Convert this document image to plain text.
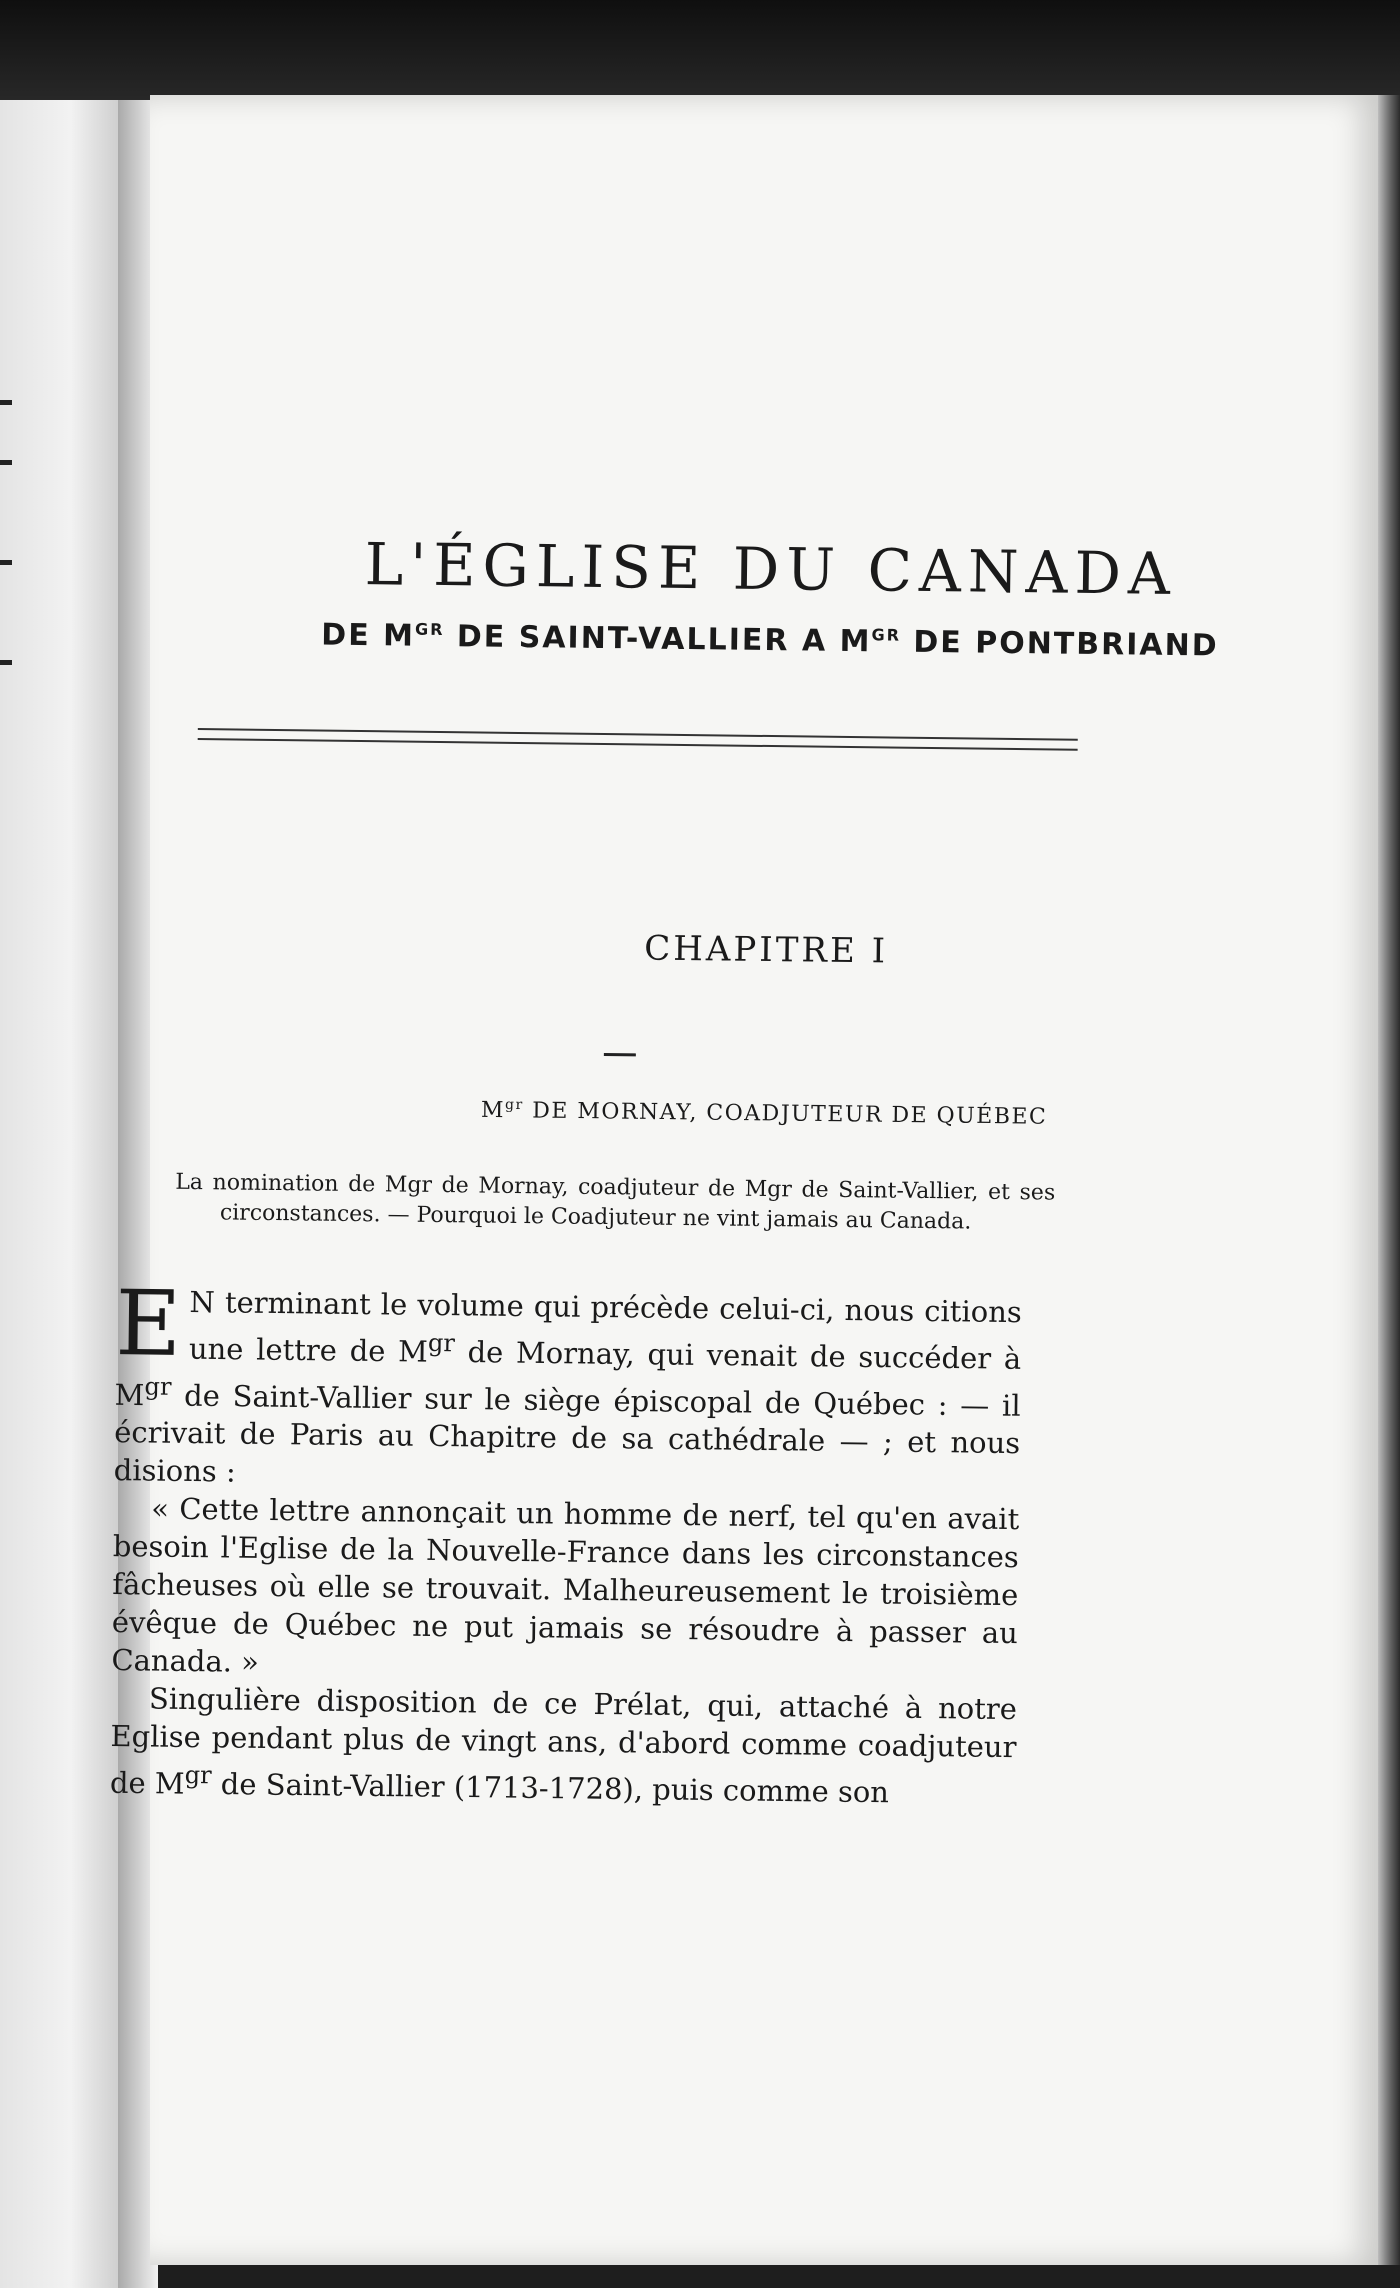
L'ÉGLISE DU CANADA
DE $M^{GR}$ DE SAINT-VALLIER A $M^{GR}$ DE PONTBRIAND
CHAPITRE I
$M^{gr}$ DE MORNAY, COADJUTEUR DE QUÉBEC
La nomination de Mgr de Mornay, coadjuteur de Mgr de Saint-Vallier, et ses circonstances. — Pourquoi le Coadjuteur ne vint jamais au Canada.

E N terminant le volume qui précède celui-ci, nous citions une lettre de $M^{gr}$ de Mornay, qui venait de succéder à $M^{gr}$ de Saint-Vallier sur le siège épiscopal de Québec : — il écrivait de Paris au Chapitre de sa cathédrale — ; et nous disions :

« Cette lettre annonçait un homme de nerf, tel qu'en avait besoin l'Eglise de la Nouvelle-France dans les circonstances fâcheuses où elle se trouvait. Malheureusement le troisième évêque de Québec ne put jamais se résoudre à passer au Canada. »

Singulière disposition de ce Prélat, qui, attaché à notre Eglise pendant plus de vingt ans, d'abord comme coadjuteur de $M^{gr}$ de Saint-Vallier (1713-1728), puis comme son
